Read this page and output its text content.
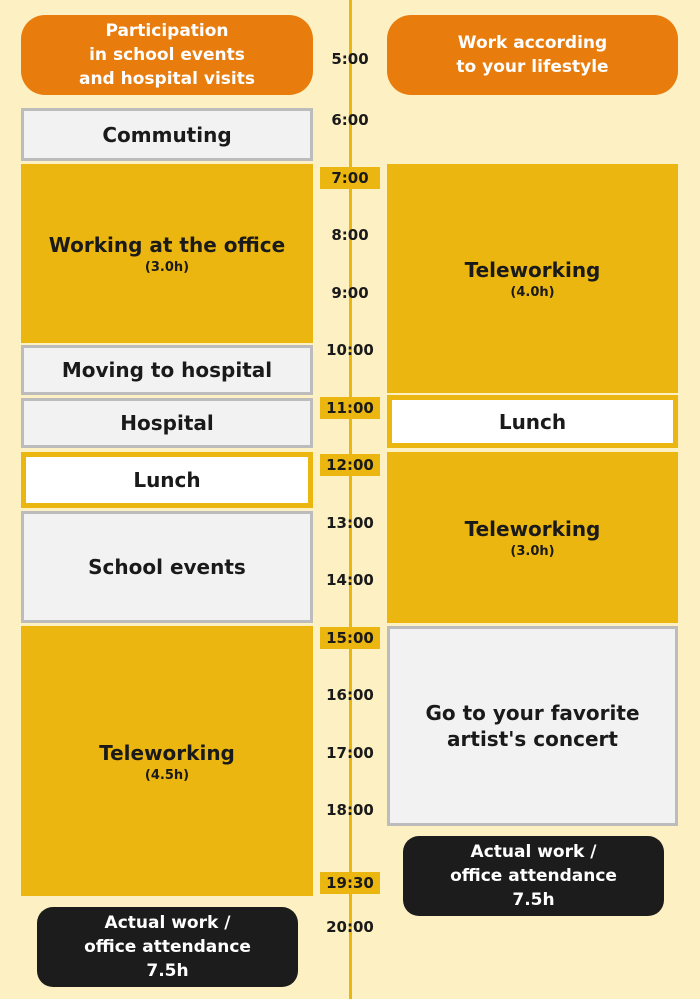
Participation
in school events
and hospital visits
Work according
to your lifestyle
Commuting
Working at the office
(3.0h)
Moving to hospital
Hospital
Lunch
School events
Teleworking
(4.5h)
Actual work /
office attendance
7.5h
Teleworking
(4.0h)
Lunch
Teleworking
(3.0h)
Go to your favorite
artist's concert
Actual work /
office attendance
7.5h
5:00
6:00
7:00
8:00
9:00
10:00
11:00
12:00
13:00
14:00
15:00
16:00
17:00
18:00
19:30
20:00
